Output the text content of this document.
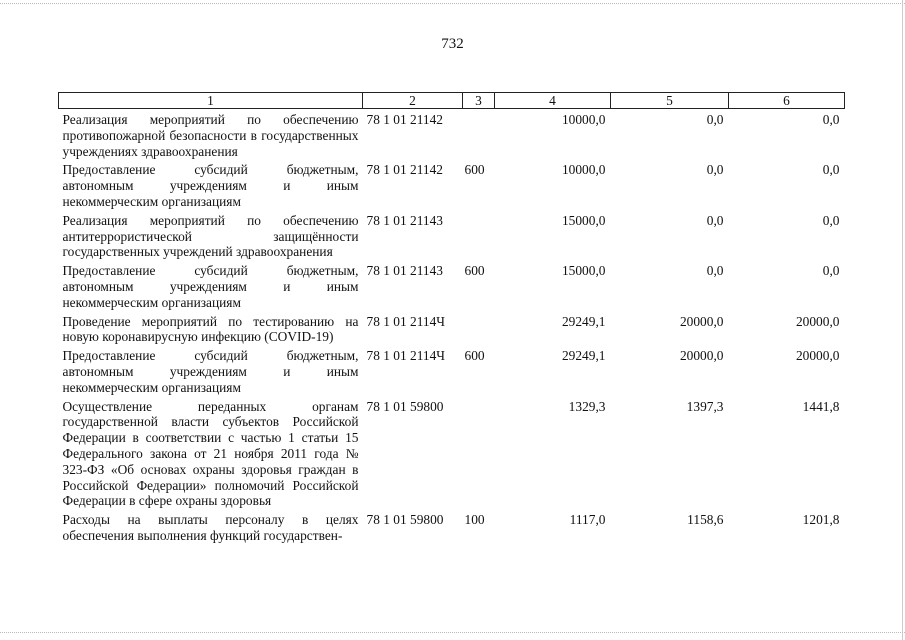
732
1	2	3	4	5	6
Реализация мероприятий по обеспечению противопожарной безопасности в государственных учреждениях здравоохранения	78 1 01 21142		10000,0	0,0	0,0
Предоставление субсидий бюджетным, автономным учреждениям и иным некоммерческим организациям	78 1 01 21142	600	10000,0	0,0	0,0
Реализация мероприятий по обеспечению антитеррористической защищённости государственных учреждений здравоохранения	78 1 01 21143		15000,0	0,0	0,0
Предоставление субсидий бюджетным, автономным учреждениям и иным некоммерческим организациям	78 1 01 21143	600	15000,0	0,0	0,0
Проведение мероприятий по тестированию на новую коронавирусную инфекцию (COVID-19)	78 1 01 2114Ч		29249,1	20000,0	20000,0
Предоставление субсидий бюджетным, автономным учреждениям и иным некоммерческим организациям	78 1 01 2114Ч	600	29249,1	20000,0	20000,0
Осуществление переданных органам государственной власти субъектов Российской Федерации в соответствии с частью 1 статьи 15 Федерального закона от 21 ноября 2011 года № 323-ФЗ «Об основах охраны здоровья граждан в Российской Федерации» полномочий Российской Федерации в сфере охраны здоровья	78 1 01 59800		1329,3	1397,3	1441,8
Расходы на выплаты персоналу в целях обеспечения выполнения функций государствен-	78 1 01 59800	100	1117,0	1158,6	1201,8
